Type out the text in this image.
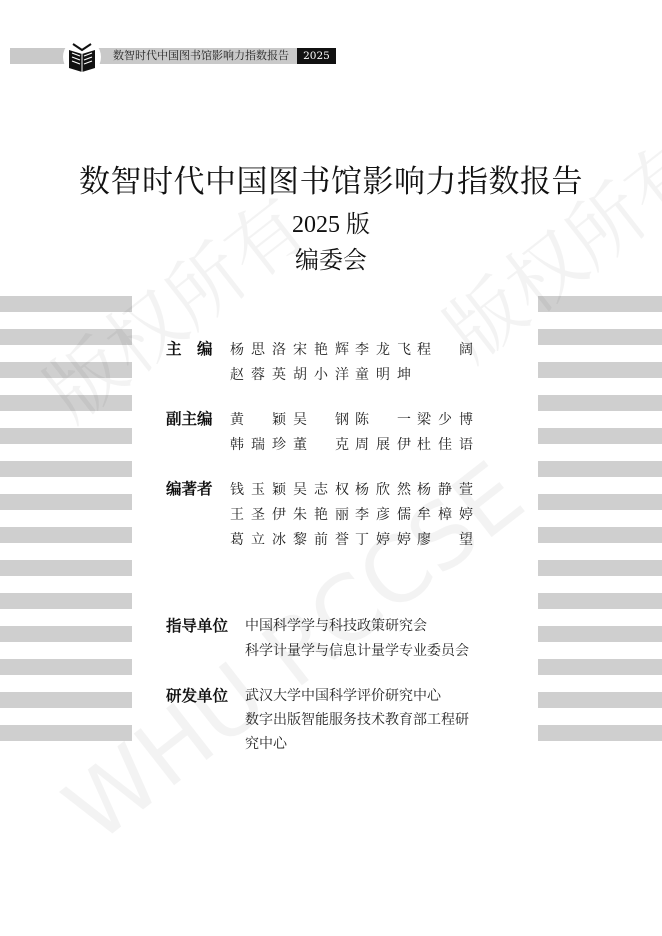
数智时代中国图书馆影响力指数报告	2025
数智时代中国图书馆影响力指数报告
2025 版
编委会
主　编 杨思洛 宋艳辉 李龙飞 程　阔
赵蓉英 胡小洋 童明坤
副主编 黄　颖 吴　钢 陈　一 梁少博
韩瑞珍 董　克 周展伊 杜佳语
编著者 钱玉颖 吴志权 杨欣然 杨静萱
王圣伊 朱艳丽 李彦儒 牟樟婷
葛立冰 黎前誉 丁婷婷 廖　望
指导单位 中国科学学与科技政策研究会
科学计量学与信息计量学专业委员会
研发单位 武汉大学中国科学评价研究中心
数字出版智能服务技术教育部工程研
究中心
